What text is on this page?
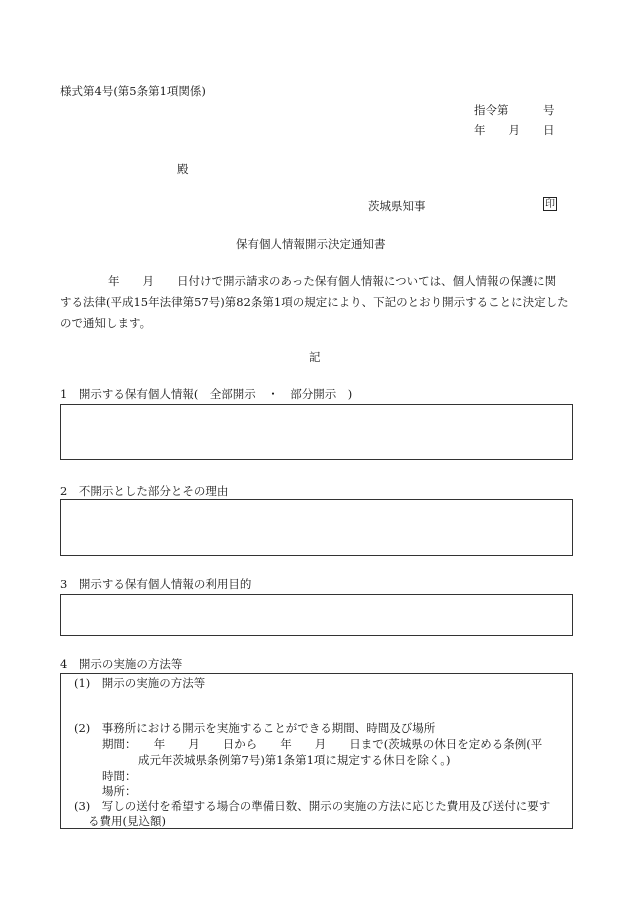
様式第4号(第5条第1項関係)
指令第　　　号
年　　月　　日
殿
茨城県知事	印
保有個人情報開示決定通知書
年　　月　　日付けで開示請求のあった保有個人情報については、個人情報の保護に関
する法律(平成15年法律第57号)第82条第1項の規定により、下記のとおり開示することに決定した
ので通知します。
記
1　開示する保有個人情報(　全部開示　・　部分開示　)
2　不開示とした部分とその理由
3　開示する保有個人情報の利用目的
4　開示の実施の方法等
(1)　開示の実施の方法等
(2)　事務所における開示を実施することができる期間、時間及び場所
期間：　　年　　月　　日から　　年　　月　　日まで(茨城県の休日を定める条例(平
成元年茨城県条例第7号)第1条第1項に規定する休日を除く。)
時間：
場所：
(3)　写しの送付を希望する場合の準備日数、開示の実施の方法に応じた費用及び送付に要す
る費用(見込額)
